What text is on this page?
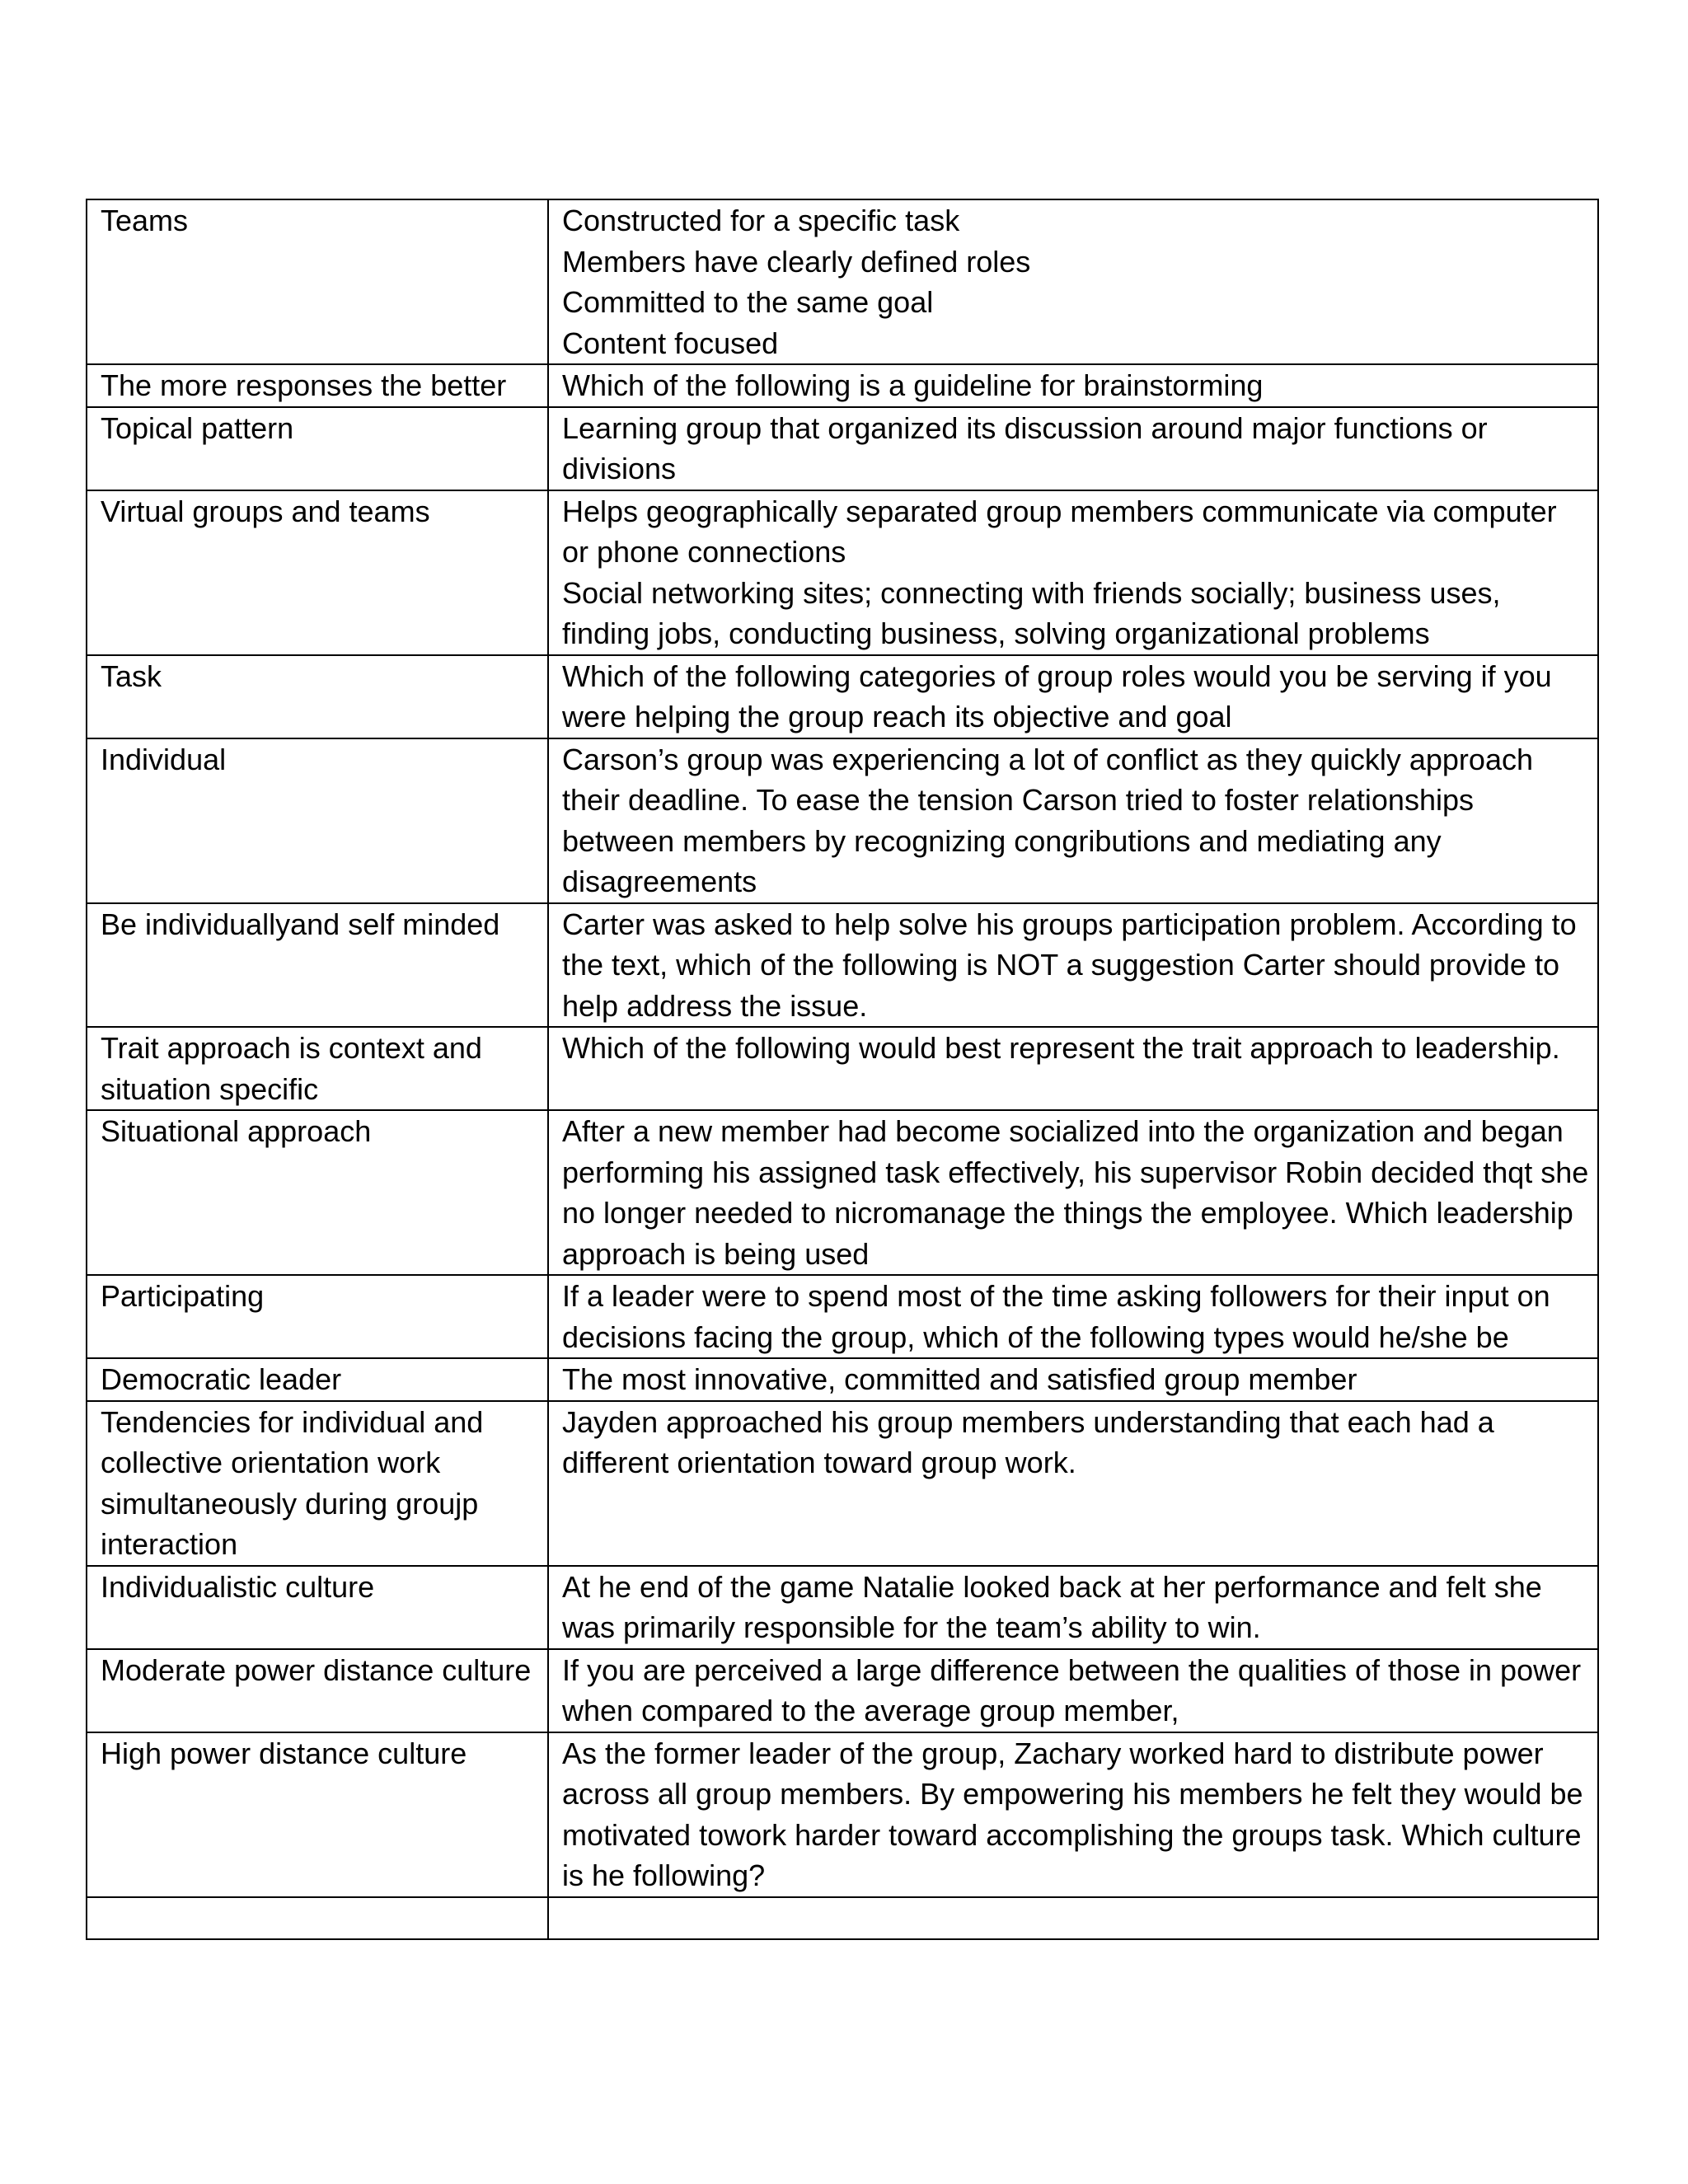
Teams	Constructed for a specific task
Members have clearly defined roles
Committed to the same goal
Content focused

The more responses the better	Which of the following is a guideline for brainstorming

Topical pattern	Learning group that organized its discussion around major functions or divisions

Virtual groups and teams	Helps geographically separated group members communicate via computer or phone connections
Social networking sites; connecting with friends socially; business uses, finding jobs, conducting business, solving organizational problems

Task	Which of the following categories of group roles would you be serving if you were helping the group reach its objective and goal

Individual	Carson’s group was experiencing a lot of conflict as they quickly approach their deadline. To ease the tension Carson tried to foster relationships between members by recognizing congribut﻿ions and mediating any disagreements

Be individuallyand self minded	Carter was asked to help solve his groups participation problem. According to the text, which of the following is NOT a suggestion Carter should provide to help address the issue.

Trait approach is context and situation specific	Which of the following would best represent the trait approach to leadership.

Situational approach	After a new member had become socialized into the organization and began performing his assigned task effectively, his supervisor Robin decided thqt she no longer needed to nicromanage the things the employee. Which leadership approach is being used

Participating	If a leader were to spend most of the time asking followers for their input on decisions facing the group, which of the following types would he/she be

Democratic leader	The most innovative, committed and satisfied group member

Tendencies for individual and collective orientation work simultaneously during groujp interaction	Jayden approached his group members understanding that each had a different orientation toward group work.

Individualistic culture	At he end of the game Natalie looked back at her performance and felt she was primarily responsible for the team’s ability to win.

Moderate power distance culture	If you are perceived a large difference between the qualities of those in power when compared to the average group member,

High power distance culture	As the former leader of the group, Zachary worked hard to distribute power across all group members. By empowering his members he felt they would be motivated towork harder toward accomplishing the groups task. Which culture is he following?
